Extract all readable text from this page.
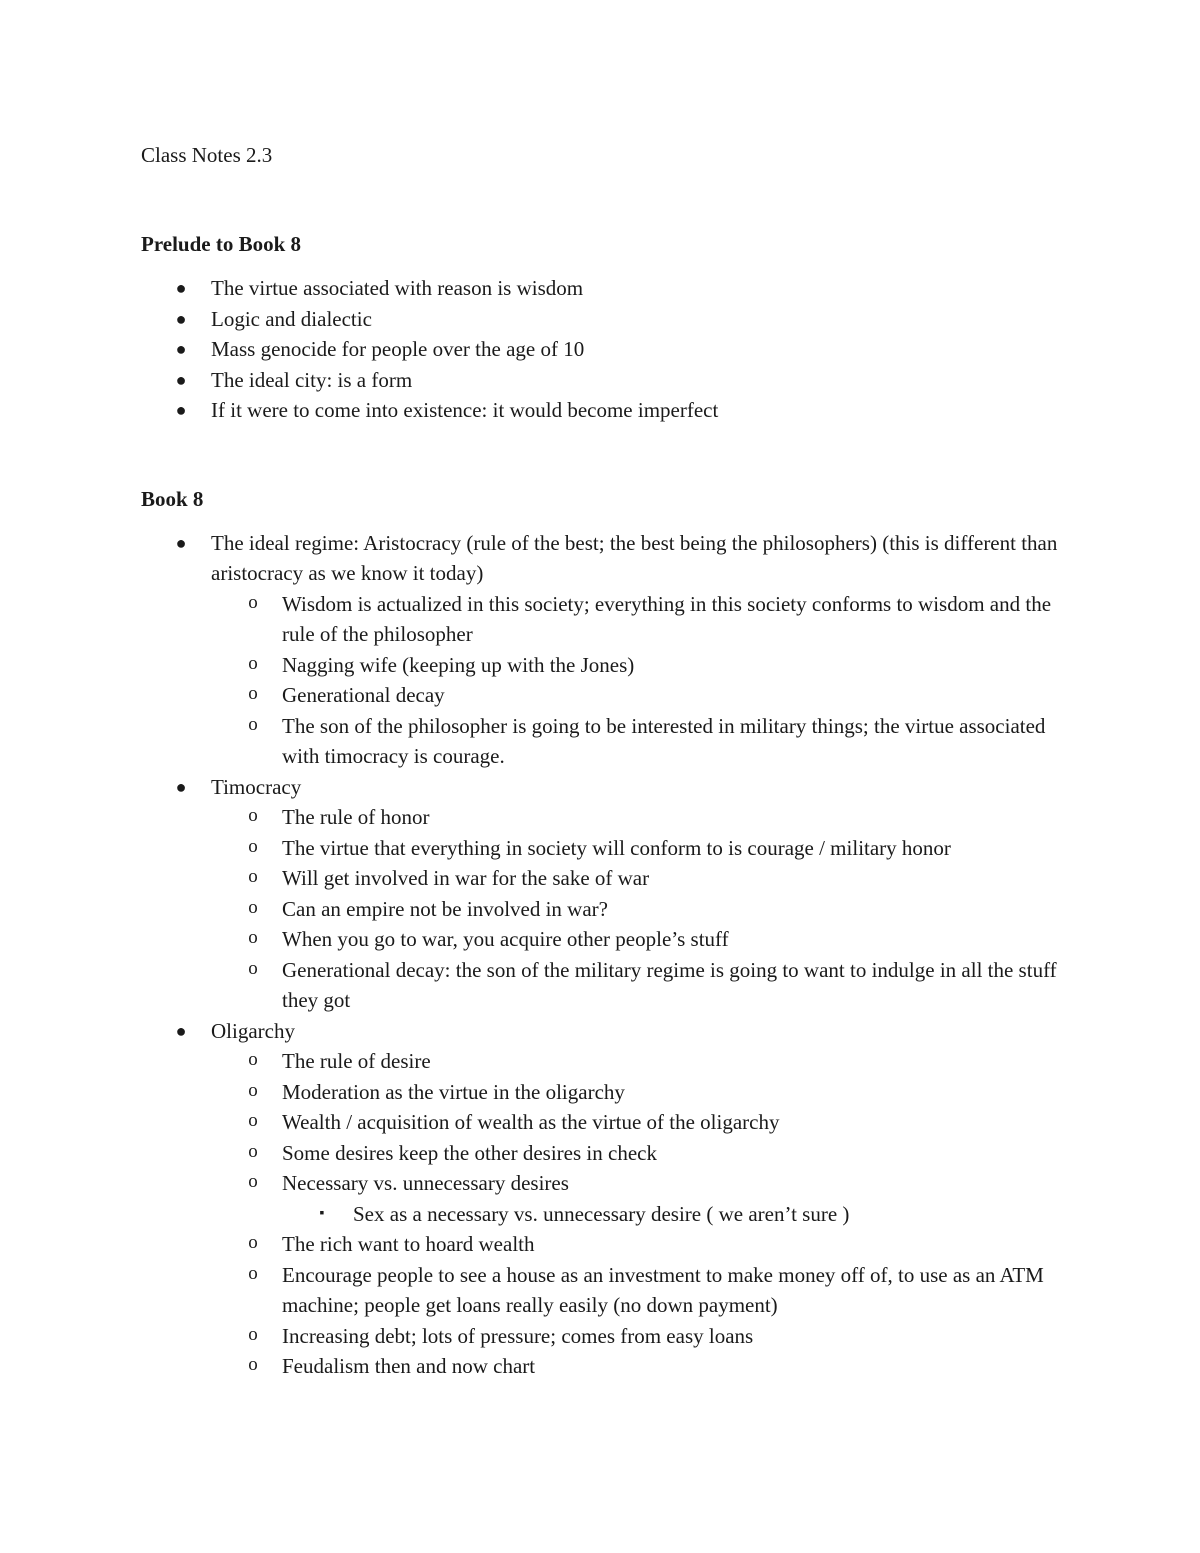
Class Notes 2.3

Prelude to Book 8

● The virtue associated with reason is wisdom
● Logic and dialectic
● Mass genocide for people over the age of 10
● The ideal city: is a form
● If it were to come into existence: it would become imperfect

Book 8

● The ideal regime: Aristocracy (rule of the best; the best being the philosophers) (this is different than aristocracy as we know it today)
o Wisdom is actualized in this society; everything in this society conforms to wisdom and the rule of the philosopher
o Nagging wife (keeping up with the Jones)
o Generational decay
o The son of the philosopher is going to be interested in military things; the virtue associated with timocracy is courage.
● Timocracy
o The rule of honor
o The virtue that everything in society will conform to is courage / military honor
o Will get involved in war for the sake of war
o Can an empire not be involved in war?
o When you go to war, you acquire other people’s stuff
o Generational decay: the son of the military regime is going to want to indulge in all the stuff they got
● Oligarchy
o The rule of desire
o Moderation as the virtue in the oligarchy
o Wealth / acquisition of wealth as the virtue of the oligarchy
o Some desires keep the other desires in check
o Necessary vs. unnecessary desires
▪ Sex as a necessary vs. unnecessary desire ( we aren’t sure )
o The rich want to hoard wealth
o Encourage people to see a house as an investment to make money off of, to use as an ATM machine; people get loans really easily (no down payment)
o Increasing debt; lots of pressure; comes from easy loans
o Feudalism then and now chart
